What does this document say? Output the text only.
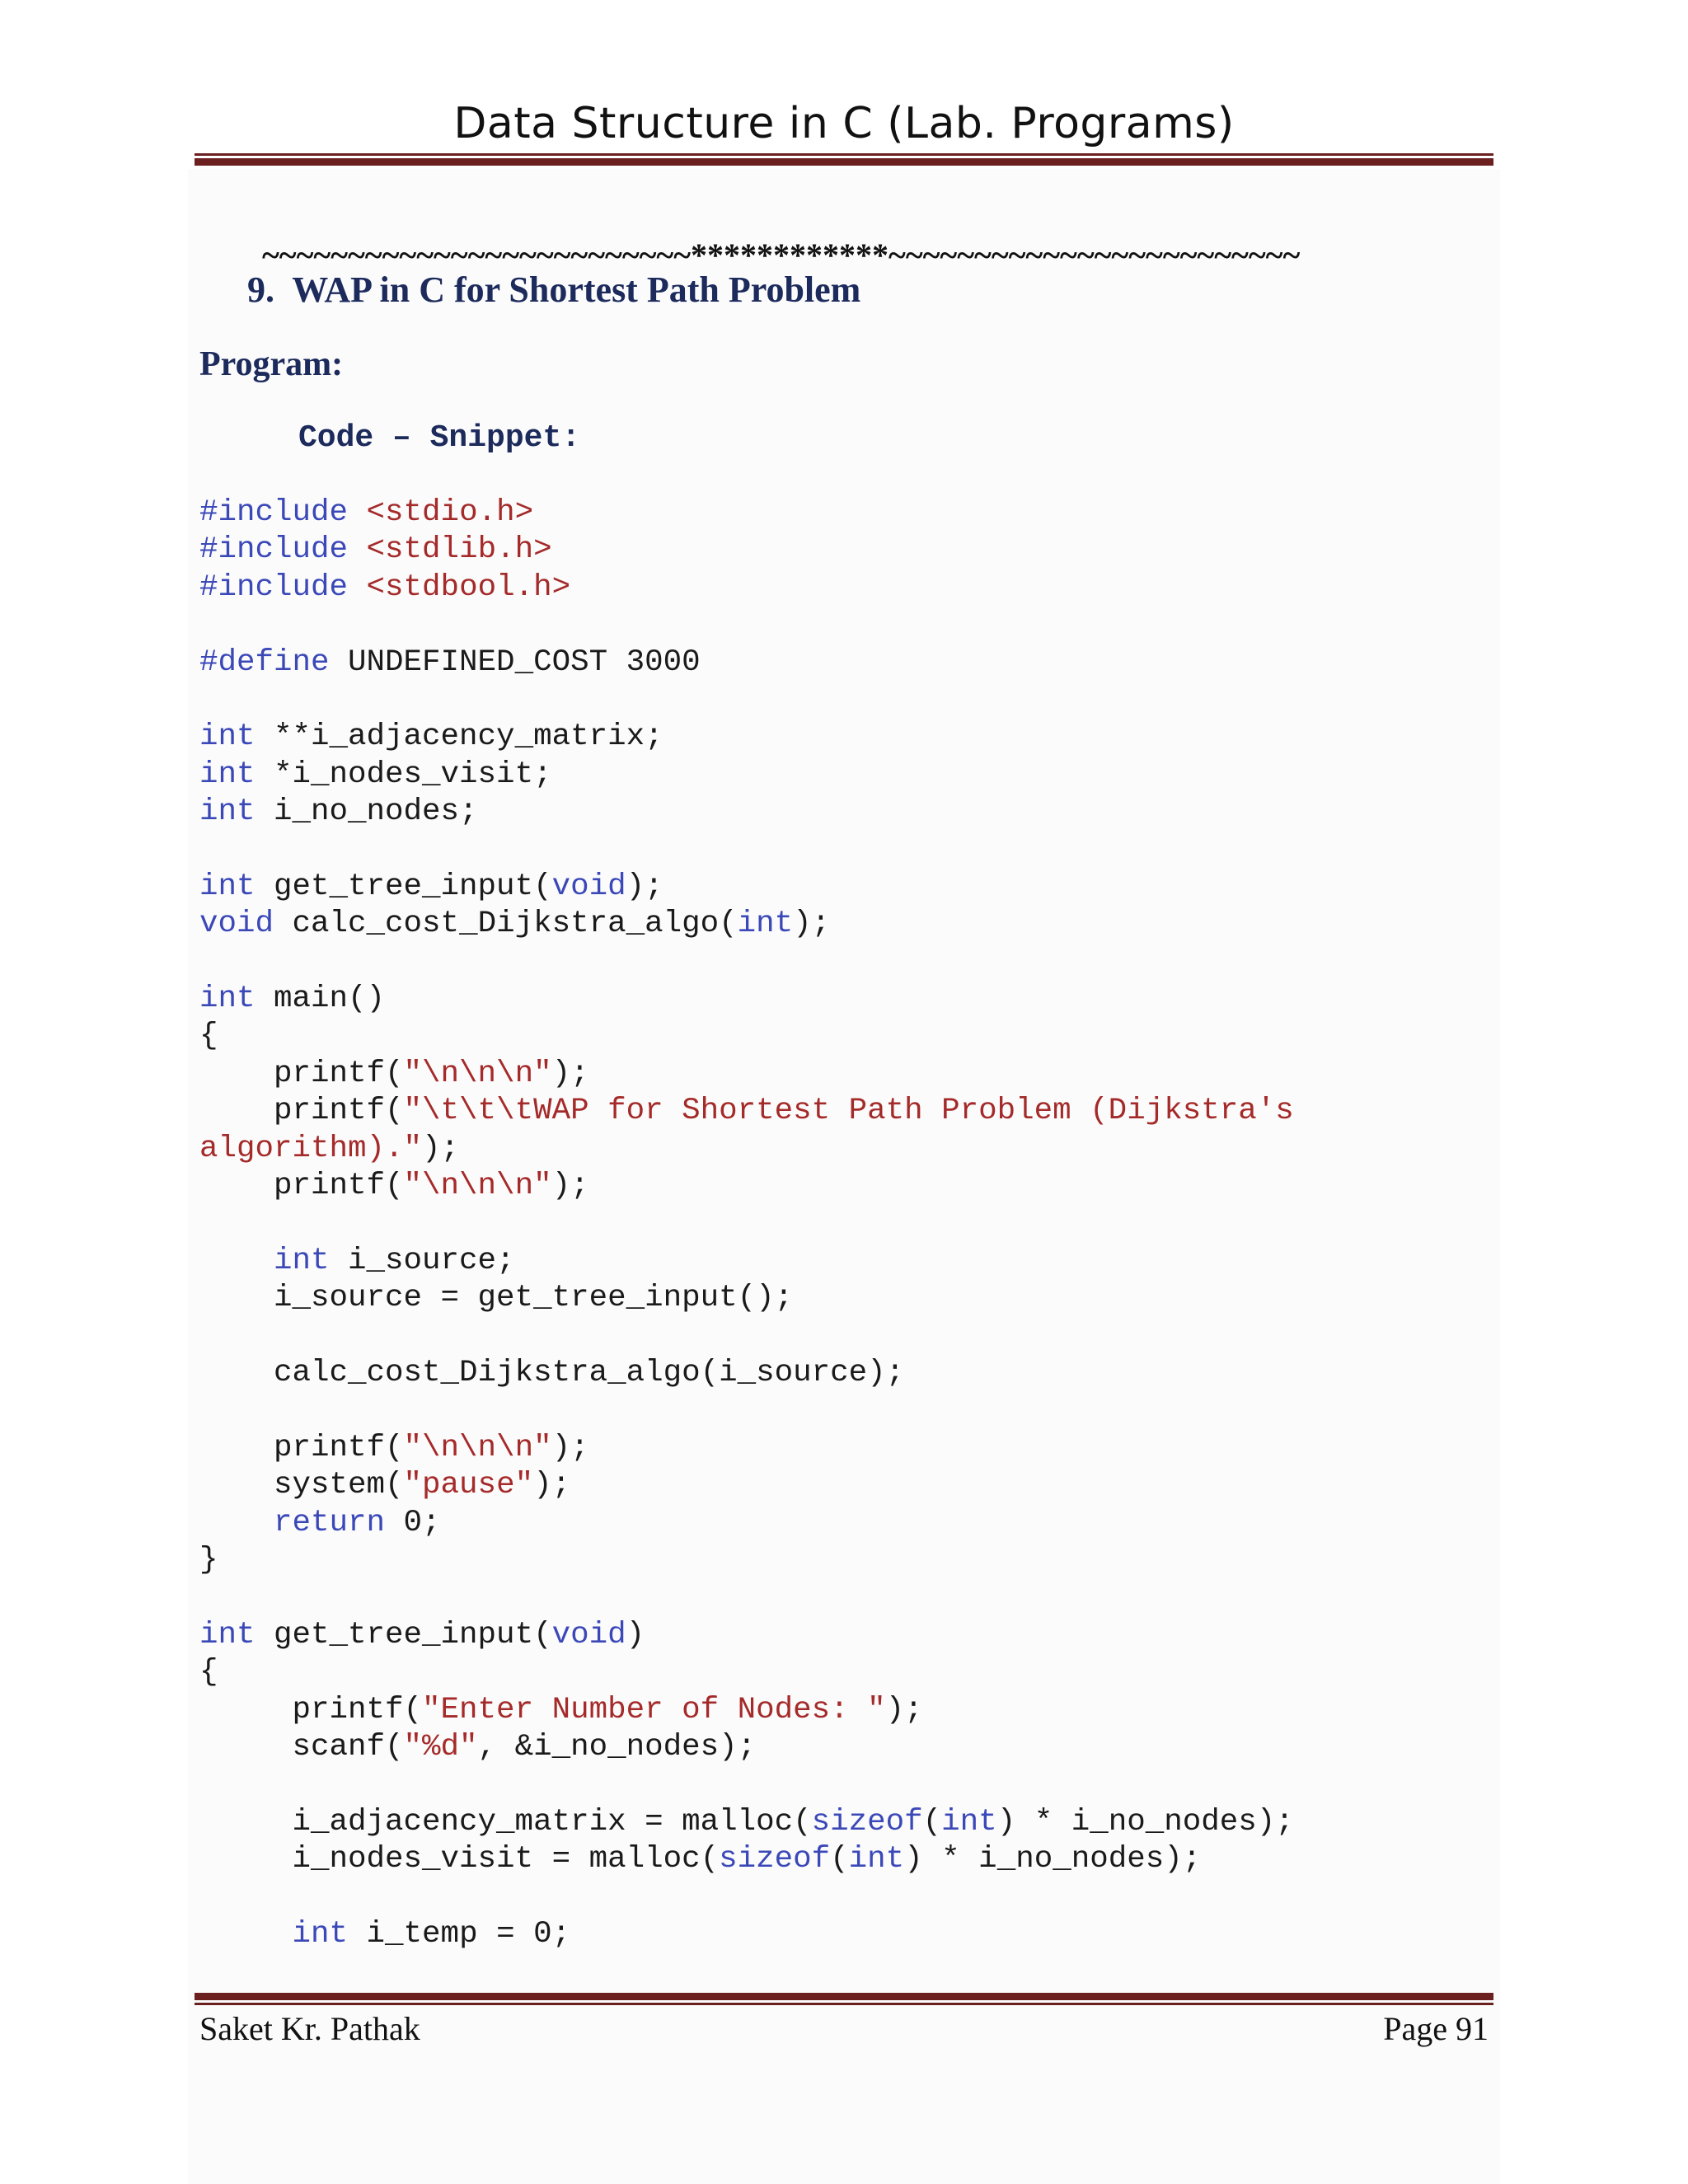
Data Structure in C (Lab. Programs)
~~~~~~~~~~~~~~~~~~~~~~~~~************~~~~~~~~~~~~~~~~~~~~~~~~
9.  WAP in C for Shortest Path Problem
Program:
Code – Snippet:
#include <stdio.h>
#include <stdlib.h>
#include <stdbool.h>
#define UNDEFINED_COST 3000
int **i_adjacency_matrix;
int *i_nodes_visit;
int i_no_nodes;
int get_tree_input(void);
void calc_cost_Dijkstra_algo(int);
int main()
{
printf("\n\n\n");
printf("\t\t\tWAP for Shortest Path Problem (Dijkstra's
algorithm).");
printf("\n\n\n");
int i_source;
i_source = get_tree_input();
calc_cost_Dijkstra_algo(i_source);
printf("\n\n\n");
system("pause");
return 0;
}
int get_tree_input(void)
{
printf("Enter Number of Nodes: ");
scanf("%d", &i_no_nodes);
i_adjacency_matrix = malloc(sizeof(int) * i_no_nodes);
i_nodes_visit = malloc(sizeof(int) * i_no_nodes);
int i_temp = 0;
Saket Kr. Pathak	Page 91
